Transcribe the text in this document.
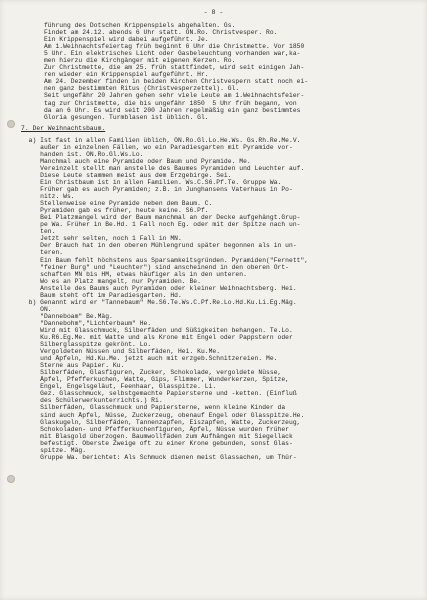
- 8 -
führung des Dotschen Krippenspiels abgehalten. Gs.
Findet am 24.12. abends 6 Uhr statt. ON.Ro. Christvesper. Ro.
Ein Krippenspiel wird dabei aufgeführt. Je.
Am 1.Weihnachtsfeiertag früh beginnt 6 Uhr die Christmette. Vor 1850
5 Uhr. Ein elektrisches Licht oder Gasbeleuchtung vorhanden war,ka-
men hierzu die Kirchgänger mit eigenen Kerzen. Ro.
Zur Christmette, die am 25. früh stattfindet, wird seit einigen Jah-
ren wieder ein Krippenspiel aufgeführt. Hr.
Am 24. Dezember finden in beiden Kirchen Christvespern statt noch ei-
nen ganz bestimmten Ritus (Christvesperzettel). Gl.
Seit ungefähr 20 Jahren gehen sehr viele Leute am 1.Weihnachtsfeier-
tag zur Christmette, die bis ungefähr 1850  5 Uhr früh begann, von
da an 6 Uhr. Es wird seit 200 Jahren regelmäßig ein ganz bestimmtes
Gloria gesungen. Turmblasen ist üblich. Gl.
7. Der Weihnachtsbaum.
a) Ist fast in allen Familien üblich, ON.Ro.Gl.Lo.He.Ws. Gs.Rh.Re.Me.V.
außer in einzelnen Fällen, wo ein Paradiesgarten mit Pyramide vor-
handen ist. ON.Ro.Gl.Ws.Lo.
Manchmal auch eine Pyramide oder Baum und Pyramide. Me.
Vereinzelt stellt man anstelle des Baumes Pyramiden und Leuchter auf.
Diese Leute stammen meist aus dem Erzgebirge. Sei.
Ein Christbaum ist in allen Familien. Ws.C.S6.Pf.Te. Gruppe Wa.
Früher gab es auch Pyramiden; z.B. in Junghansens Vaterhaus in Po-
nitz. Ws.
Stellenweise eine Pyramide neben dem Baum. C.
Pyramiden gab es früher, heute keine. S6.Pf.
Bei Platzmangel wird der Baum manchmal an der Decke aufgehängt.Grup-
pe Wa. Früher in Be.Hd. 1 Fall noch Eg. oder mit der Spitze nach un-
ten.
Jetzt sehr selten, noch 1 Fall in MN.
Der Brauch hat in den oberen Mühlengrund später begonnen als in un-
teren.
Ein Baum fehlt höchstens aus Sparsamkeitsgründen. Pyramiden("Fernett",
"feiner Burg" und "Leuchter") sind anscheinend in den oberen Ort-
schaften MN bis HM, etwas häufiger als in den unteren.
Wo es an Platz mangelt, nur Pyramiden. Be.
Anstelle des Baums auch Pyramiden oder kleiner Weihnachtsberg. Hei.
Baum steht oft im Paradiesgarten. Hd.
b) Genannt wird er "Tannebaum" Me.S6.Te.Ws.C.Pf.Re.Lo.Hd.Ku.Li.Eg.Mäg.
ON.
"Danneboam" Be.Mäg.
"Dannebohm","Lichterbaum" He.
Wird mit Glasschmuck, Silberfäden und Süßigkeiten behangen. Te.Lo.
Ku.R6.Eg.Me. mit Watte und als Krone mit Engel oder Pappstern oder
Silberglasspitze gekrönt. Lo.
Vergoldeten Nüssen und Silberfäden, Hei. Ku.Me.
und Äpfeln, Hd.Ku.Me. jetzt auch mit erzgeb.Schnitzereien. Me.
Sterne aus Papier. Ku.
Silberfäden, Glasfiguren, Zucker, Schokolade, vergoldete Nüsse,
Äpfel, Pfefferkuchen, Watte, Gips, Flimmer, Wunderkerzen, Spitze,
Engel, Engelsgeläut, Feenhaar, Glasspitze. Li.
Gez. Glasschmuck, selbstgemachte Papiersterne und -ketten. (Einfluß
des Schülerwerkunterrichts.) Ri.
Silberfäden, Glasschmuck und Papiersterne, wenn kleine Kinder da
sind auch Äpfel, Nüsse, Zuckerzeug, obenauf Engel oder Glasspitze.He.
Glaskugeln, Silberfäden, Tannenzapfen, Eiszapfen, Watte, Zuckerzeug,
Schokoladen- und Pfefferkuchenfiguren, Äpfel, Nüsse wurden früher
mit Blasgold überzogen. Baumwollfäden zum Aufhängen mit Siegellack
befestigt. Oberste Zweige oft zu einer Krone gebunden, sonst Glas-
spitze. Mäg.
Gruppe Wa. berichtet: Als Schmuck dienen meist Glassachen, um Thür-
